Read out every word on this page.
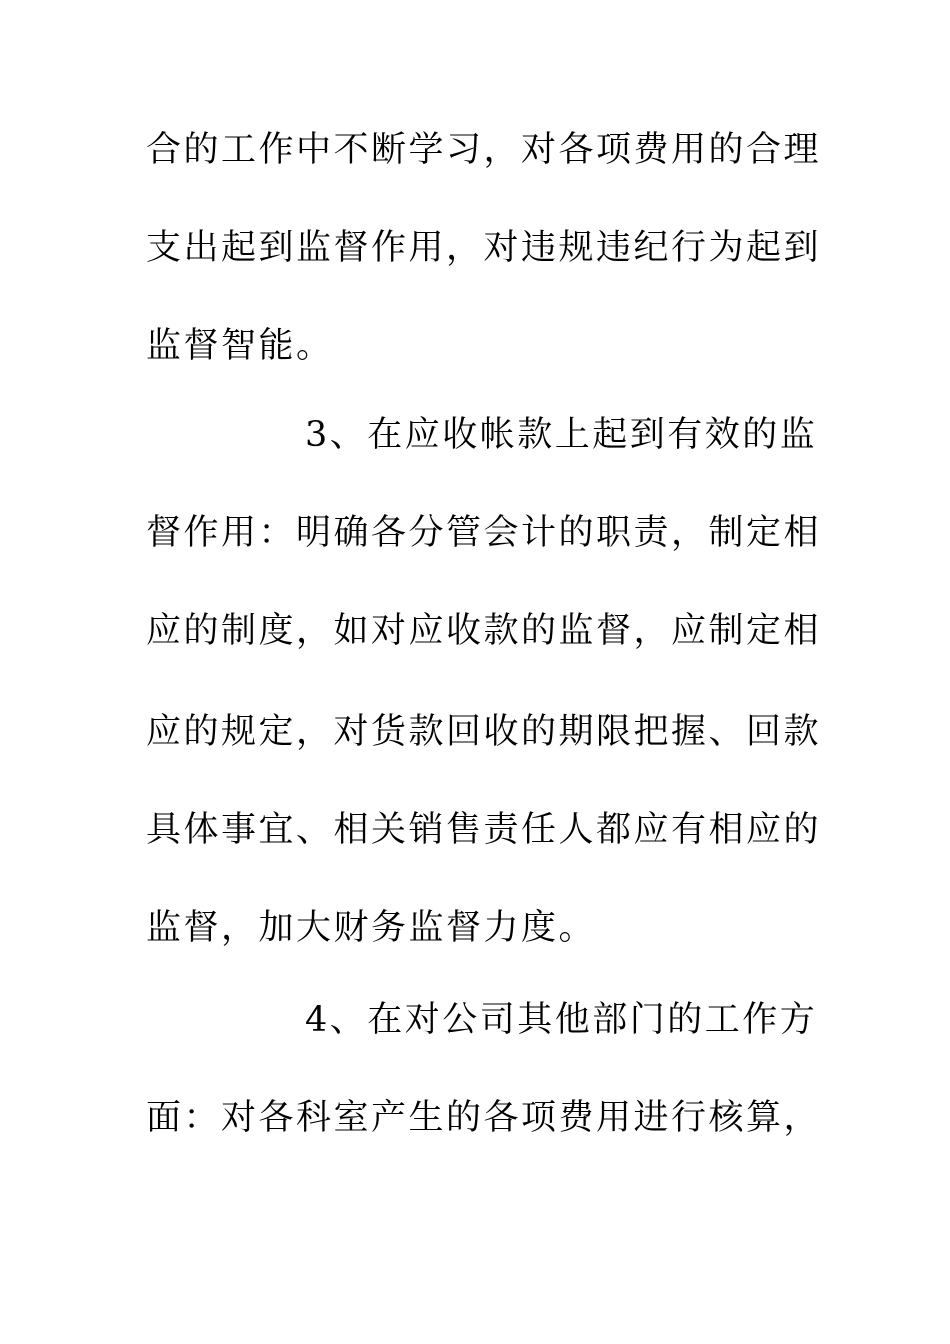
合的工作中不断学习，对各项费用的合理
支出起到监督作用，对违规违纪行为起到
监督智能。
3、在应收帐款上起到有效的监
督作用：明确各分管会计的职责，制定相
应的制度，如对应收款的监督，应制定相
应的规定，对货款回收的期限把握、回款
具体事宜、相关销售责任人都应有相应的
监督，加大财务监督力度。
4、在对公司其他部门的工作方
面：对各科室产生的各项费用进行核算，
